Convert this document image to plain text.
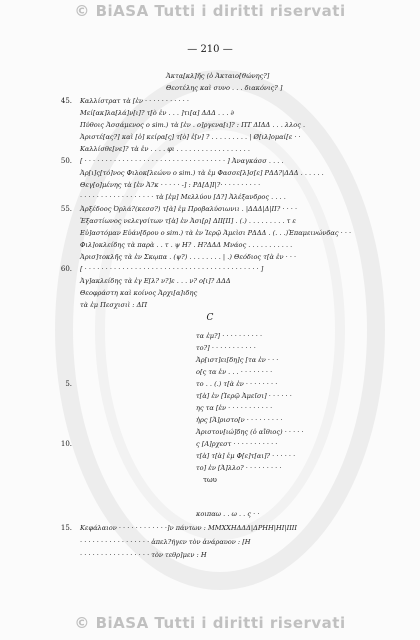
© BiASA Tutti i diritti riservati
— 210 —
Ἀκτα[κλ]ῆς (ὁ Ἀκταιο[ϑώνης?]
Θεοτέλης καὶ συνο . . . διακόνις? ]
45. Καλλίστρατ τὰ [ἐν · · · · · · · · · · ·
Μεί[ακ]λα[λά]ν[ι]? τ[ὸ ἐν . . . ]τι[α] ΔΔΔ . . . ∂
Πύθοις Ἀσσάμενος ο sim.) τὰ [ἐν . ο]ργενα[ι]? : ΠΤ ΔΙΔΔ . . . λλος .
Ἀριστέ[ας?] καὶ [ὁ] κείρα[ς] τ[ὸ] ἐ[ν] ? . . . . . . . . . | Ø[ιλ]ομαί[ε · ·
Καλλίσθε[νε]? τὰ ἐν . . . . φι . . . . . . . . . . . . . . . . . .
50. [ · · · · · · · · · · · · · · · · · · · · · · · · · · · · · · · · · · ] Ἀναγκάσσ . . . .
Ἀρ[ι]ς[τό]νος Φιλοκ[λεώνυ ο sim.) τὰ ἐμ Φασσε[λ]σ[ε] ΡΔΔ?|ΔΔΔ . . . . . .
Θεγ[ο]μένης τὰ [ἐν Ἀ?κ · · · · · -] : ΡΔ[Δ]Ι|?· · · · · · · · · ·
· · · · · · · · · · · · · · · · · · τὰ [ἐμ] Μελλύου [Δ?] Ἀλέξανδρος . . . .
55. Ἀρξέδοος Ὀρλά?(κεσσ?) τ[ὰ] ἐμ Προβαλύσιωνιι . |ΔΔΔ|Δ|ΙΙ? · · · ·
Ἐξαστίωνος νελεγσίτων τ[ὰ] ἐν Ἀσι[ρ] ΔΙΙ[ΙΙ] . (.) . . . . . . . . . τ ε
Εὐ]αστόμαν Εὐάν[δρου ο sim.) τὰ ἐν Ἱερῷ Ἀμεὶσι ΡΔΔΔ . (. . .)Ἐπαμεινώνδας · · ·
Φιλ]οκλείδης τὰ παρὰ . . τ . ψ Η? . Η?ΔΔΔ Μνάος . . . . . . . . . . .
Ἀρισ]τοκλῆς τὰ ἐν Σκῳπα . (ψ?) . . . . . . . . | .) Θεόδιος τ[ὰ ἐν · · ·
60. [ · · · · · · · · · · · · · · · · · · · · · · · · · · · · · · · · · · · · · · · · · · ]
Ἀγ]ακλείδης τὰ ἐγ Ε[λ? ν?]ε . . . ν? ο[ι]? ΔΔΔ
Θεοφράστη καὶ κοίνος Ἀρχι[α]ιδης
τὰ ἐμ Πεσχισιὶ : ΔΠ
C
τα ἐμ?] · · · · · · · · · ·
το?] · · · · · · · · · · ·
Ἀρ[ιστ]ει[δη]ς [τα ἐν · · ·
ο[ς τα ἐν . . . · · · · · · · ·
5.	το . . (.) τ[ὰ ἐν · · · · · · · ·
τ[ὰ] ἐν [Ἱερῷ Ἀμεῖσι] · · · · · ·
ης τα [ἐν · · · · · · · · · · ·
ἠρς [Ἀ]ριστο[ν · · · · · · · · ·
Ἀριστον[ιώ]δης (ὁ αἴθιος) · · · · ·
10.	ς [Α]ρχεστ · · · · · · · · · · ·
τ[ὰ] τ[ὰ] ἐμ Φ[ε]τ[αι]? · · · · · ·
το] ἐν [Ἀ]λλο? · · · · · · · · ·
τωυ
κοιπαω . . ω . . ς · ·
15. Κεφάλαιον · · · · · · · · · · · ·]ν πάντων : ΜΜΧΧΗΔΔΔ|ΔΡΗΗ|ΗΙ|ΙΙΙΙ
· · · · · · · · · · · · · · · · · ἀπελ?ήγεν τὸν ἀνάραυον : [Η
· · · · · · · · · · · · · · · · · τὸν τεθρ]μεν : Η
© BiASA Tutti i diritti riservati
